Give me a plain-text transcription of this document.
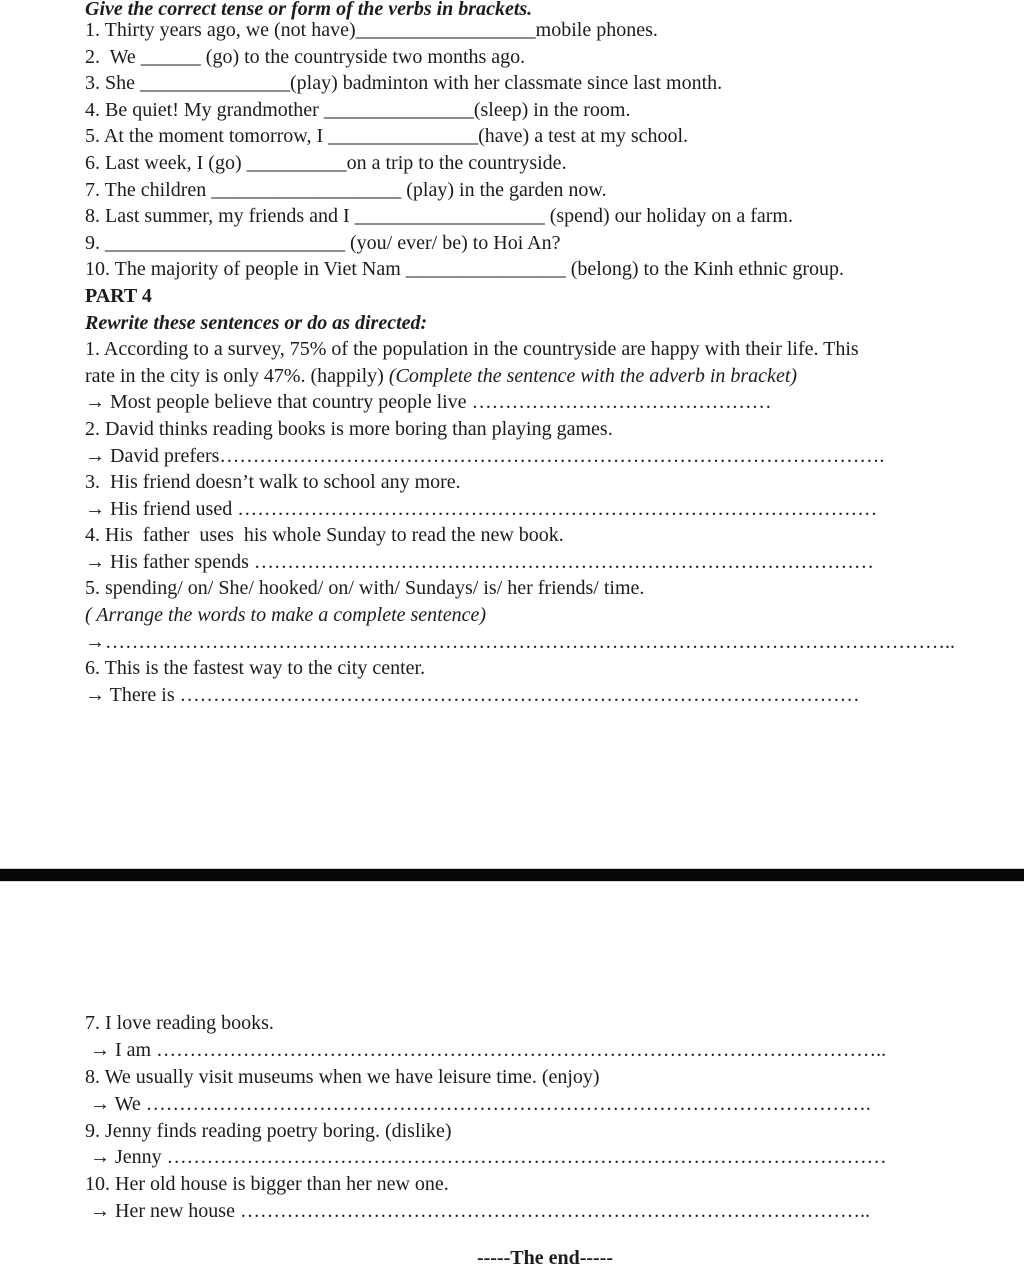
Give the correct tense or form of the verbs in brackets.
1. Thirty years ago, we (not have)__________________mobile phones.
2.  We ______ (go) to the countryside two months ago.
3. She _______________(play) badminton with her classmate since last month.
4. Be quiet! My grandmother _______________(sleep) in the room.
5. At the moment tomorrow, I _______________(have) a test at my school.
6. Last week, I (go) __________on a trip to the countryside.
7. The children ___________________ (play) in the garden now.
8. Last summer, my friends and I ___________________ (spend) our holiday on a farm.
9. ________________________ (you/ ever/ be) to Hoi An?
10. The majority of people in Viet Nam ________________ (belong) to the Kinh ethnic group.
PART 4
Rewrite these sentences or do as directed:
1. According to a survey, 75% of the population in the countryside are happy with their life. This
rate in the city is only 47%. (happily) (Complete the sentence with the adverb in bracket)
→ Most people believe that country people live ………………………………………
2. David thinks reading books is more boring than playing games.
→ David prefers……………………………………………………………………………………….
3.  His friend doesn’t walk to school any more.
→ His friend used ……………………………………………………………………………………
4. His  father  uses  his whole Sunday to read the new book.
→ His father spends …………………………………………………………………………………
5. spending/ on/ She/ hooked/ on/ with/ Sundays/ is/ her friends/ time.
( Arrange the words to make a complete sentence)
→………………………………………………………………………………………………………………..
6. This is the fastest way to the city center.
→ There is …………………………………………………………………………………………
7. I love reading books.
→ I am ………………………………………………………………………………………………..
8. We usually visit museums when we have leisure time. (enjoy)
→ We ……………………………………………………………………………………………….
9. Jenny finds reading poetry boring. (dislike)
→ Jenny ………………………………………………………………………………………………
10. Her old house is bigger than her new one.
→ Her new house …………………………………………………………………………………..
-----The end-----
